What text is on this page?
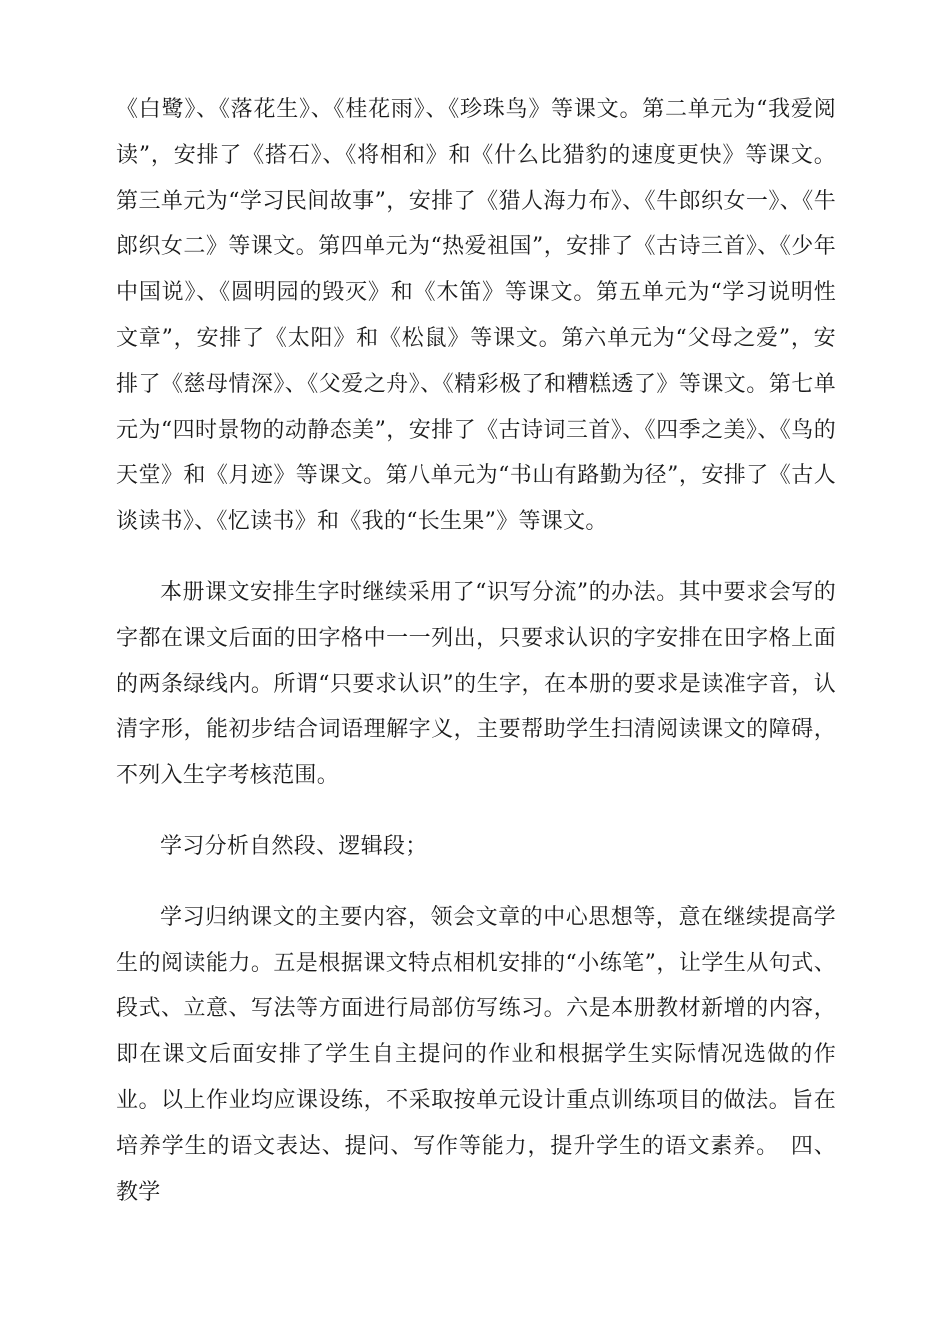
《白鹭》、《落花生》、《桂花雨》、《珍珠鸟》等课文。第二单元为“我爱阅读”，安排了《搭石》、《将相和》和《什么比猎豹的速度更快》等课文。第三单元为“学习民间故事”，安排了《猎人海力布》、《牛郎织女一》、《牛郎织女二》等课文。第四单元为“热爱祖国”，安排了《古诗三首》、《少年中国说》、《圆明园的毁灭》和《木笛》等课文。第五单元为“学习说明性文章”，安排了《太阳》和《松鼠》等课文。第六单元为“父母之爱”，安排了《慈母情深》、《父爱之舟》、《精彩极了和糟糕透了》等课文。第七单元为“四时景物的动静态美”，安排了《古诗词三首》、《四季之美》、《鸟的天堂》和《月迹》等课文。第八单元为“书山有路勤为径”，安排了《古人谈读书》、《忆读书》和《我的“长生果”》等课文。

本册课文安排生字时继续采用了“识写分流”的办法。其中要求会写的字都在课文后面的田字格中一一列出，只要求认识的字安排在田字格上面的两条绿线内。所谓“只要求认识”的生字，在本册的要求是读准字音，认清字形，能初步结合词语理解字义，主要帮助学生扫清阅读课文的障碍，不列入生字考核范围。

学习分析自然段、逻辑段；

学习归纳课文的主要内容，领会文章的中心思想等，意在继续提高学生的阅读能力。五是根据课文特点相机安排的“小练笔”，让学生从句式、段式、立意、写法等方面进行局部仿写练习。六是本册教材新增的内容，即在课文后面安排了学生自主提问的作业和根据学生实际情况选做的作业。以上作业均应课设练，不采取按单元设计重点训练项目的做法。旨在培养学生的语文表达、提问、写作等能力，提升学生的语文素养。　四、教学
